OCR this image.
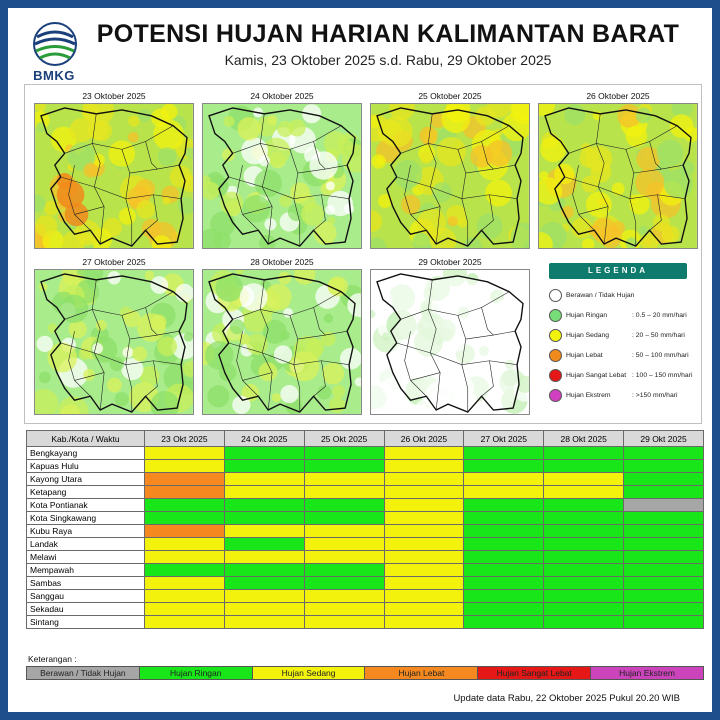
BMKG
POTENSI HUJAN HARIAN KALIMANTAN BARAT
Kamis, 23 Oktober 2025 s.d. Rabu, 29 Oktober 2025
23 Oktober 2025	24 Oktober 2025	25 Oktober 2025	26 Oktober 2025
27 Oktober 2025	28 Oktober 2025	29 Oktober 2025
LEGENDA
Berawan / Tidak Hujan
Hujan Ringan	: 0.5 – 20 mm/hari
Hujan Sedang	: 20 – 50 mm/hari
Hujan Lebat	: 50 – 100 mm/hari
Hujan Sangat Lebat : 100 – 150 mm/hari
Hujan Ekstrem	: >150 mm/hari
Kab./Kota / Waktu	23 Okt 2025	24 Okt 2025	25 Okt 2025	26 Okt 2025	27 Okt 2025	28 Okt 2025	29 Okt 2025
Bengkayang							
Kapuas Hulu							
Kayong Utara							
Ketapang							
Kota Pontianak							
Kota Singkawang							
Kubu Raya							
Landak							
Melawi							
Mempawah							
Sambas							
Sanggau							
Sekadau							
Sintang							
Keterangan :
Berawan / Tidak Hujan	Hujan Ringan	Hujan Sedang	Hujan Lebat	Hujan Sangat Lebat	Hujan Ekstrem
Update data Rabu, 22 Oktober 2025 Pukul 20.20 WIB
